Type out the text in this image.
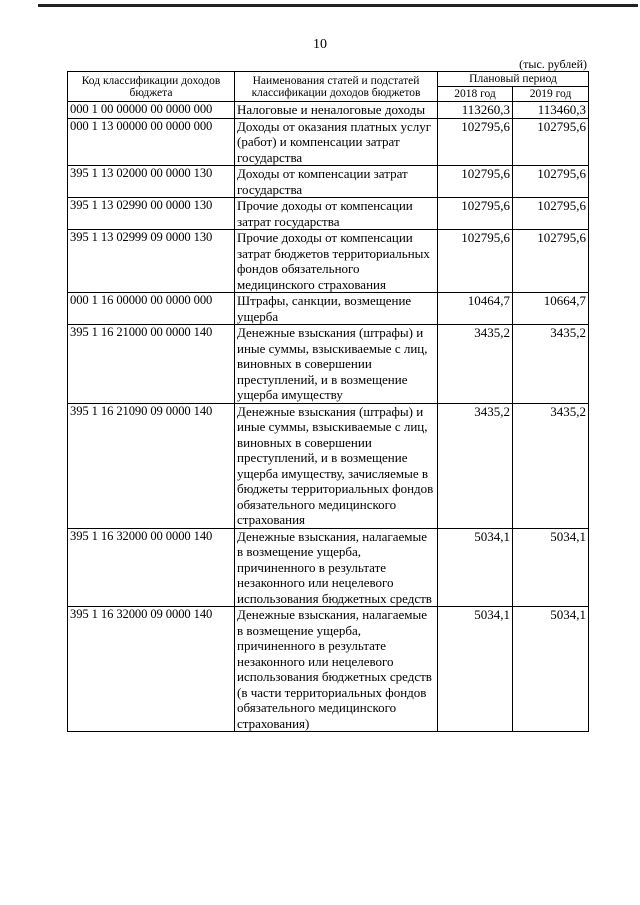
10
(тыс. рублей)
Код классификации доходов бюджета	Наименования статей и подстатей классификации доходов бюджетов	Плановый период	
		2018 год	2019 год
000 1 00 00000 00 0000 000	Налоговые и неналоговые доходы	113260,3	113460,3
000 1 13 00000 00 0000 000	Доходы от оказания платных услуг (работ) и компенсации затрат государства	102795,6	102795,6
395 1 13 02000 00 0000 130	Доходы от компенсации затрат государства	102795,6	102795,6
395 1 13 02990 00 0000 130	Прочие доходы от компенсации затрат государства	102795,6	102795,6
395 1 13 02999 09 0000 130	Прочие доходы от компенсации затрат бюджетов территориальных фондов обязательного медицинского страхования	102795,6	102795,6
000 1 16 00000 00 0000 000	Штрафы, санкции, возмещение ущерба	10464,7	10664,7
395 1 16 21000 00 0000 140	Денежные взыскания (штрафы) и иные суммы, взыскиваемые с лиц, виновных в совершении преступлений, и в возмещение ущерба имуществу	3435,2	3435,2
395 1 16 21090 09 0000 140	Денежные взыскания (штрафы) и иные суммы, взыскиваемые с лиц, виновных в совершении преступлений, и в возмещение ущерба имуществу, зачисляемые в бюджеты территориальных фондов обязательного медицинского страхования	3435,2	3435,2
395 1 16 32000 00 0000 140	Денежные взыскания, налагаемые в возмещение ущерба, причиненного в результате незаконного или нецелевого использования бюджетных средств	5034,1	5034,1
395 1 16 32000 09 0000 140	Денежные взыскания, налагаемые в возмещение ущерба, причиненного в результате незаконного или нецелевого использования бюджетных средств (в части территориальных фондов обязательного медицинского страхования)	5034,1	5034,1
